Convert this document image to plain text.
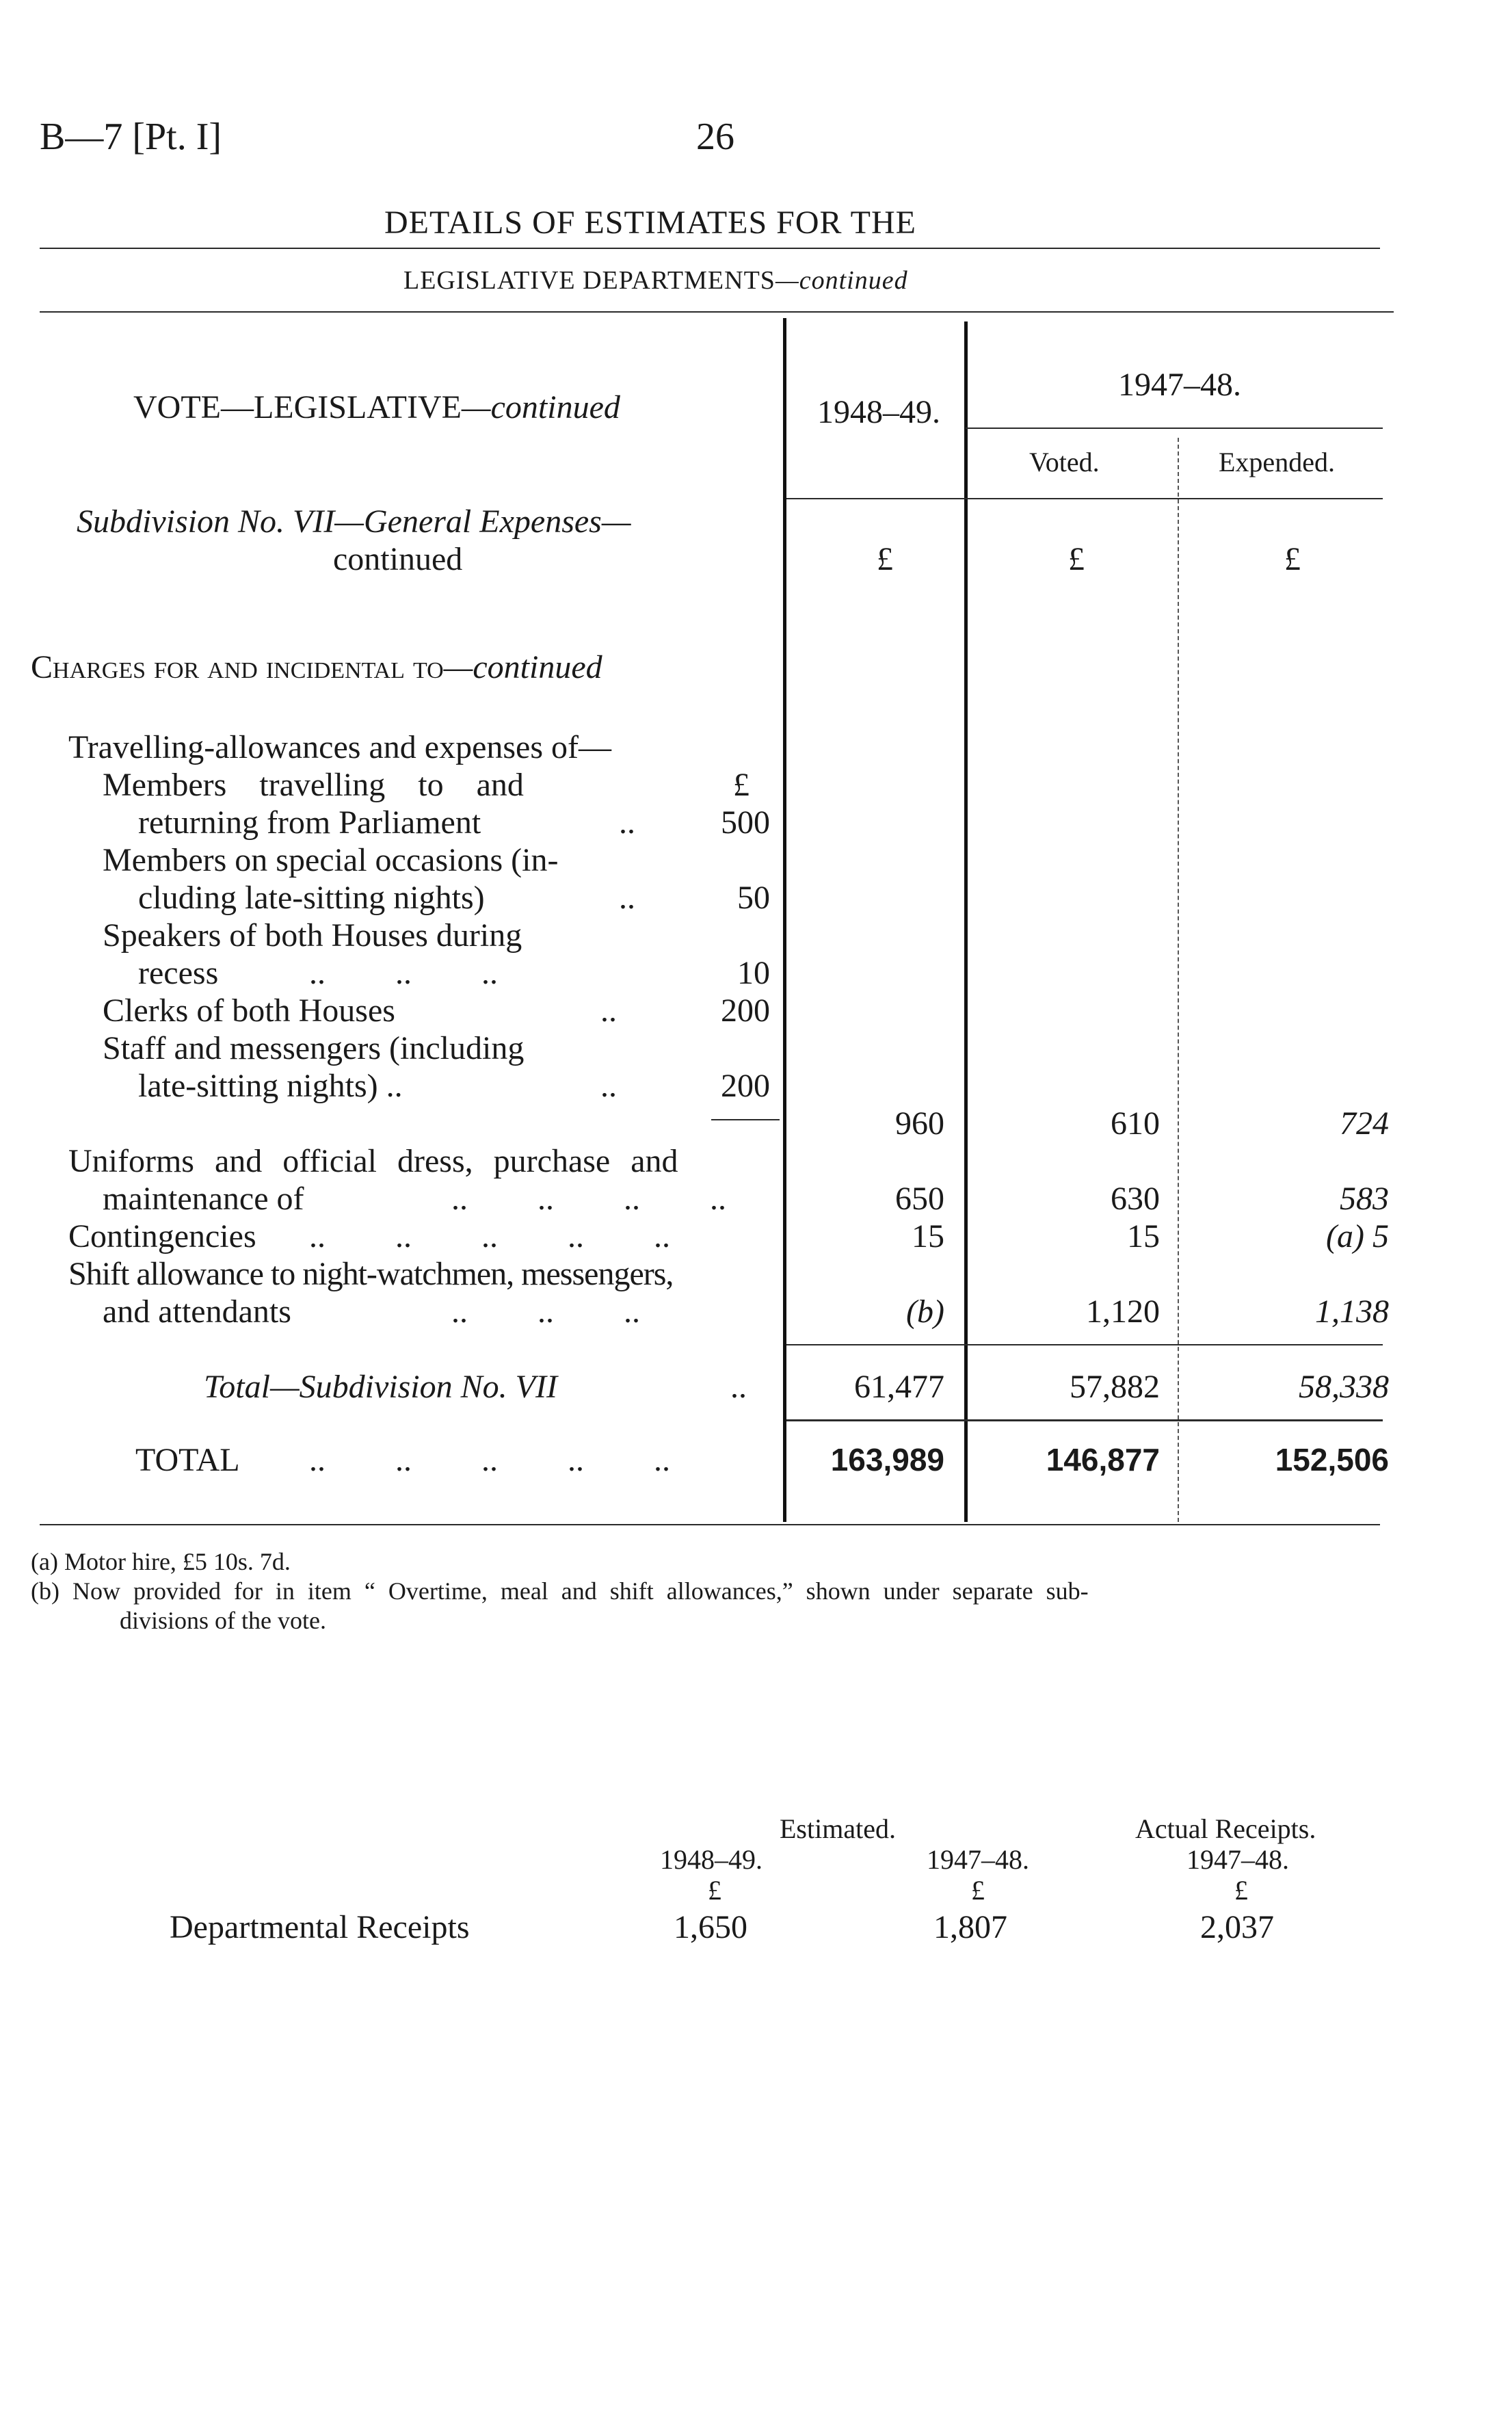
B—7 [Pt. I]	26
DETAILS OF ESTIMATES FOR THE
LEGISLATIVE DEPARTMENTS—continued
VOTE—LEGISLATIVE—continued	1948–49.
1947–48.
Voted.	Expended.
Subdivision No. VII—General Expenses—
continued	£	£	£
Charges for and incidental to—continued
Travelling-allowances and expenses of—
£
Members travelling to and
returning from Parliament	..	500
Members on special occasions (in-
cluding late-sitting nights)	..	50
Speakers of both Houses during
recess	.. .. ..	10
Clerks of both Houses	..	200
Staff and messengers (including
late-sitting nights) ..	..	200
960	610	724
Uniforms and official dress, purchase and
maintenance of	.. .. .. ..	650	630	583
Contingencies .. .. .. .. ..	15	15	(a) 5
Shift allowance to night-watchmen, messengers,
and attendants	.. .. ..	(b)	1,120	1,138
Total—Subdivision No. VII	..	61,477	57,882	58,338
TOTAL .. .. .. .. ..	163,989	146,877	152,506
(a) Motor hire, £5 10s. 7d.
(b) Now provided for in item “ Overtime, meal and shift allowances,” shown under separate sub-
divisions of the vote.
Estimated.	Actual Receipts.
1948–49.	1947–48.	1947–48.
£	£	£
Departmental Receipts	1,650	1,807	2,037
